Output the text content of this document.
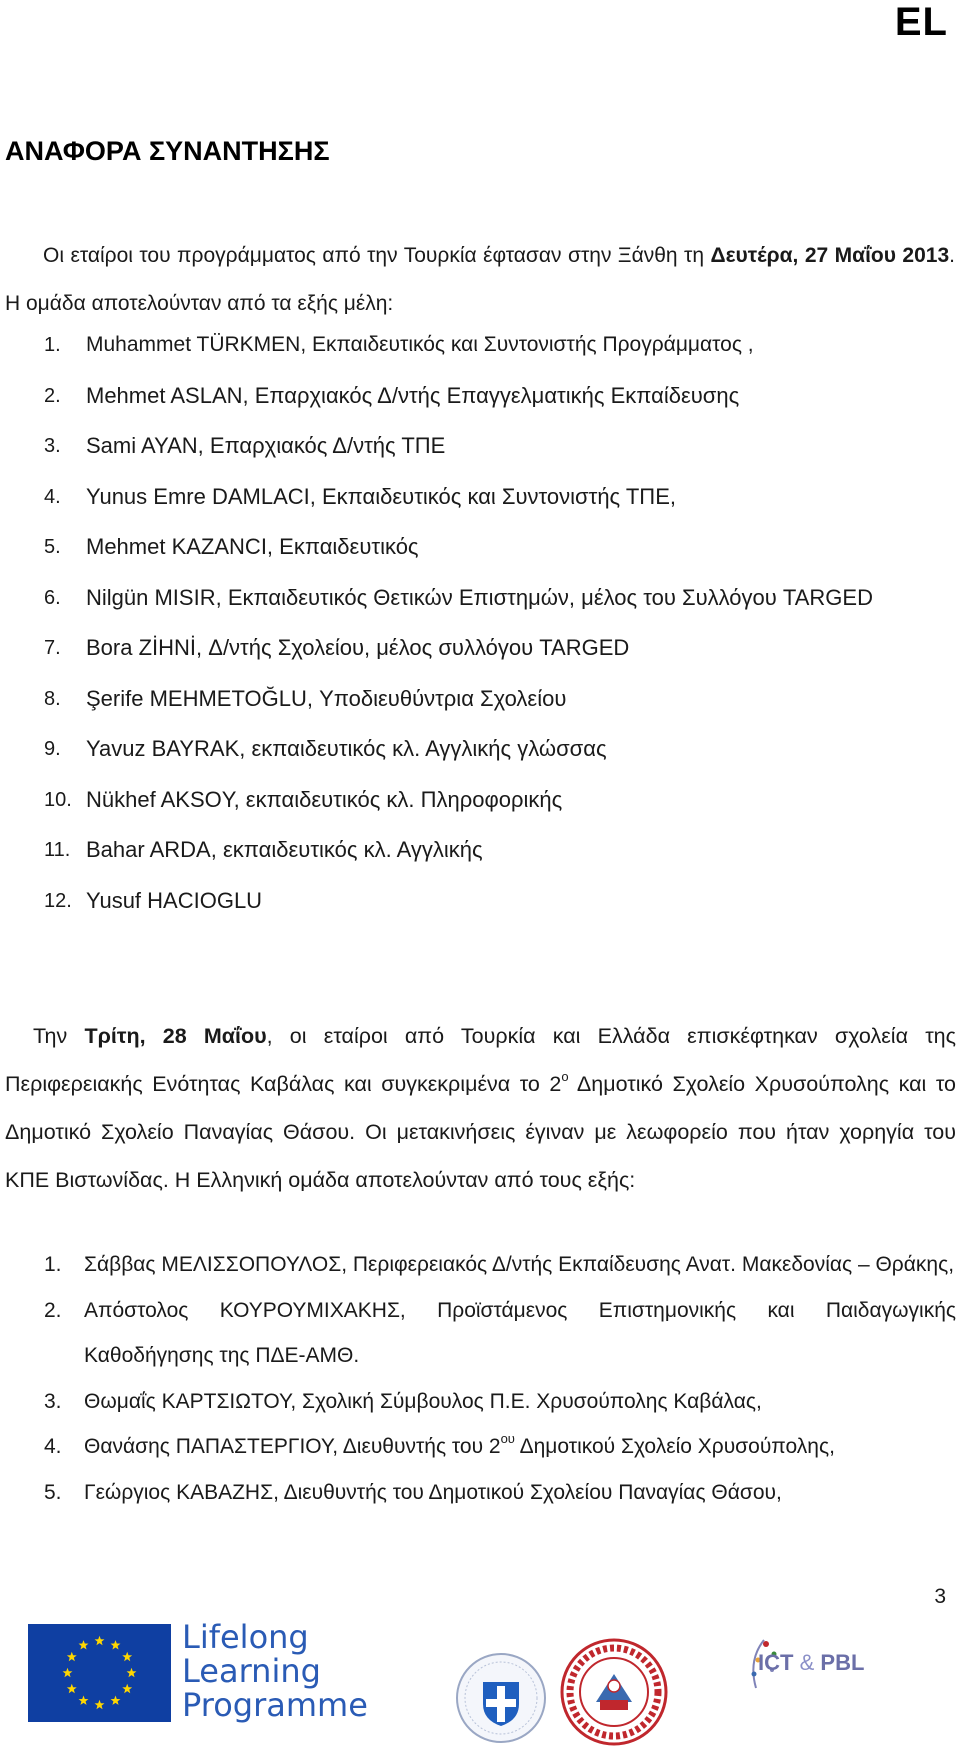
EL
ΑΝΑΦΟΡΑ ΣΥΝΑΝΤΗΣΗΣ

Οι εταίροι του προγράμματος από την Τουρκία έφτασαν στην Ξάνθη τη Δευτέρα, 27 Μαΐου 2013. Η ομάδα αποτελούνταν από τα εξής μέλη:

1. Muhammet TÜRKMEN, Εκπαιδευτικός και Συντονιστής Προγράμματος ,
2. Mehmet ASLAN, Επαρχιακός Δ/ντής Επαγγελματικής Εκπαίδευσης
3. Sami AYAN, Επαρχιακός Δ/ντής ΤΠΕ
4. Yunus Emre DAMLACI, Εκπαιδευτικός και Συντονιστής ΤΠΕ,
5. Mehmet KAZANCI, Εκπαιδευτικός
6. Nilgün MISIR, Εκπαιδευτικός Θετικών Επιστημών, μέλος του Συλλόγου TARGED
7. Bora ZİHNİ, Δ/ντής Σχολείου, μέλος συλλόγου TARGED
8. Şerife MEHMETOĞLU, Υποδιευθύντρια Σχολείου
9. Yavuz BAYRAK, εκπαιδευτικός κλ. Αγγλικής γλώσσας
10. Nükhef AKSOY, εκπαιδευτικός κλ. Πληροφορικής
11. Bahar ARDA, εκπαιδευτικός κλ. Αγγλικής
12. Yusuf HACIOGLU

Την Τρίτη, 28 Μαΐου, οι εταίροι από Τουρκία και Ελλάδα επισκέφτηκαν σχολεία της Περιφερειακής Ενότητας Καβάλας και συγκεκριμένα το $2^o$ Δημοτικό Σχολείο Χρυσούπολης και το Δημοτικό Σχολείο Παναγίας Θάσου. Οι μετακινήσεις έγιναν με λεωφορείο που ήταν χορηγία του ΚΠΕ Βιστωνίδας. Η Ελληνική ομάδα αποτελούνταν από τους εξής:

1. Σάββας ΜΕΛΙΣΣΟΠΟΥΛΟΣ, Περιφερειακός Δ/ντής Εκπαίδευσης Ανατ. Μακεδονίας – Θράκης,
2. Απόστολος ΚΟΥΡΟΥΜΙΧΑΚΗΣ, Προϊστάμενος Επιστημονικής και Παιδαγωγικής Καθοδήγησης της ΠΔΕ-ΑΜΘ.
3. Θωμαΐς ΚΑΡΤΣΙΩΤΟΥ, Σχολική Σύμβουλος Π.Ε. Χρυσούπολης Καβάλας,
4. Θανάσης ΠΑΠΑΣΤΕΡΓΙΟΥ, Διευθυντής του $2^{o\upsilon}$ Δημοτικού Σχολείο Χρυσούπολης,
5. Γεώργιος ΚΑΒΑΖΗΣ, Διευθυντής του Δημοτικού Σχολείου Παναγίας Θάσου,
3
Lifelong
Learning
Programme
ICT & PBL
